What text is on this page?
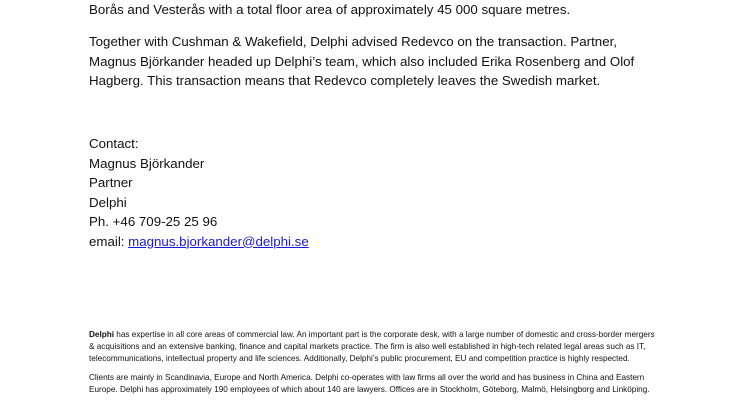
Borås and Vesterås with a total floor area of approximately 45 000 square metres.

Together with Cushman & Wakefield, Delphi advised Redevco on the transaction. Partner, Magnus Björkander headed up Delphi’s team, which also included Erika Rosenberg and Olof Hagberg. This transaction means that Redevco completely leaves the Swedish market.

Contact:
Magnus Björkander
Partner
Delphi
Ph. +46 709-25 25 96
email: magnus.bjorkander@delphi.se

Delphi has expertise in all core areas of commercial law. An important part is the corporate desk, with a large number of domestic and cross-border mergers & acquisitions and an extensive banking, finance and capital markets practice. The firm is also well established in high-tech related legal areas such as IT, telecommunications, intellectual property and life sciences. Additionally, Delphi’s public procurement, EU and competition practice is highly respected.

Clients are mainly in Scandinavia, Europe and North America. Delphi co-operates with law firms all over the world and has business in China and Eastern Europe. Delphi has approximately 190 employees of which about 140 are lawyers. Offices are in Stockholm, Göteborg, Malmö, Helsingborg and Linköping.
